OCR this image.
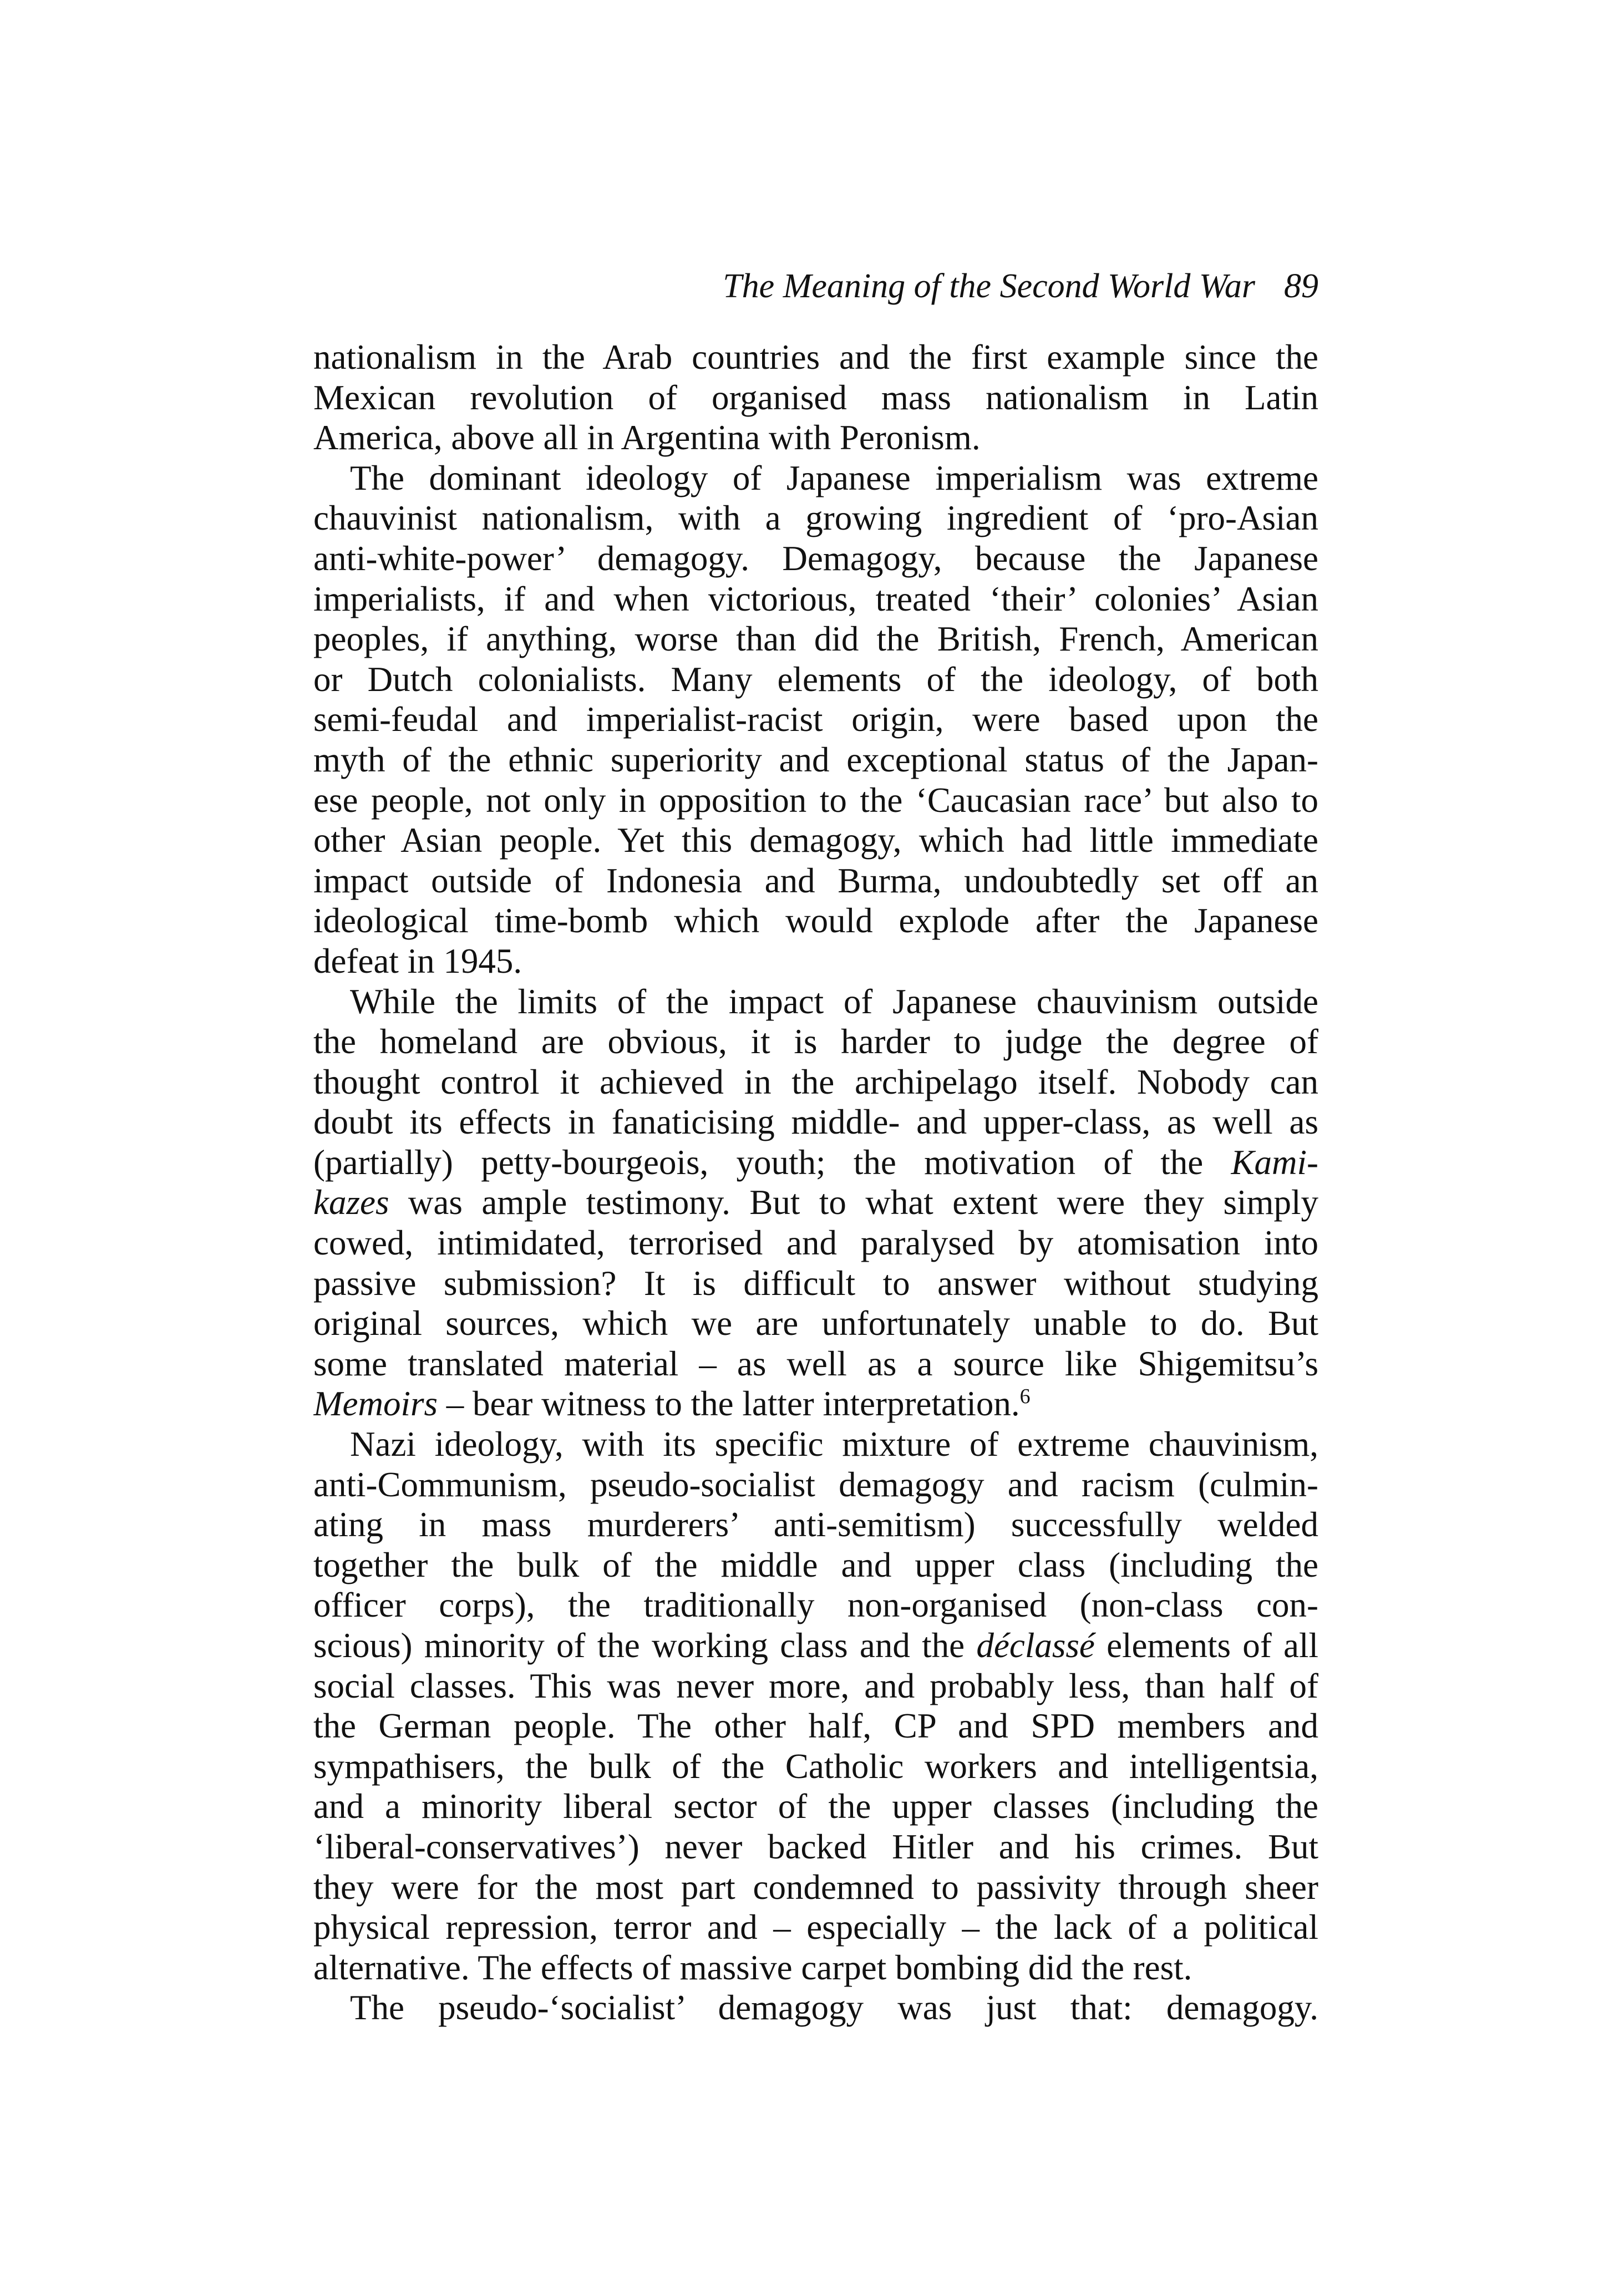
The Meaning of the Second World War 89
nationalism in the Arab countries and the first example since the
Mexican revolution of organised mass nationalism in Latin
America, above all in Argentina with Peronism.
The dominant ideology of Japanese imperialism was extreme
chauvinist nationalism, with a growing ingredient of ‘pro-Asian
anti-white-power’ demagogy. Demagogy, because the Japanese
imperialists, if and when victorious, treated ‘their’ colonies’ Asian
peoples, if anything, worse than did the British, French, American
or Dutch colonialists. Many elements of the ideology, of both
semi-feudal and imperialist-racist origin, were based upon the
myth of the ethnic superiority and exceptional status of the Japan-
ese people, not only in opposition to the ‘Caucasian race’ but also to
other Asian people. Yet this demagogy, which had little immediate
impact outside of Indonesia and Burma, undoubtedly set off an
ideological time-bomb which would explode after the Japanese
defeat in 1945.
While the limits of the impact of Japanese chauvinism outside
the homeland are obvious, it is harder to judge the degree of
thought control it achieved in the archipelago itself. Nobody can
doubt its effects in fanaticising middle- and upper-class, as well as
(partially) petty-bourgeois, youth; the motivation of the Kami-
kazes was ample testimony. But to what extent were they simply
cowed, intimidated, terrorised and paralysed by atomisation into
passive submission? It is difficult to answer without studying
original sources, which we are unfortunately unable to do. But
some translated material – as well as a source like Shigemitsu’s
Memoirs – bear witness to the latter interpretation.$^6$
Nazi ideology, with its specific mixture of extreme chauvinism,
anti-Communism, pseudo-socialist demagogy and racism (culmin-
ating in mass murderers’ anti-semitism) successfully welded
together the bulk of the middle and upper class (including the
officer corps), the traditionally non-organised (non-class con-
scious) minority of the working class and the déclassé elements of all
social classes. This was never more, and probably less, than half of
the German people. The other half, CP and SPD members and
sympathisers, the bulk of the Catholic workers and intelligentsia,
and a minority liberal sector of the upper classes (including the
‘liberal-conservatives’) never backed Hitler and his crimes. But
they were for the most part condemned to passivity through sheer
physical repression, terror and – especially – the lack of a political
alternative. The effects of massive carpet bombing did the rest.
The pseudo-‘socialist’ demagogy was just that: demagogy.
